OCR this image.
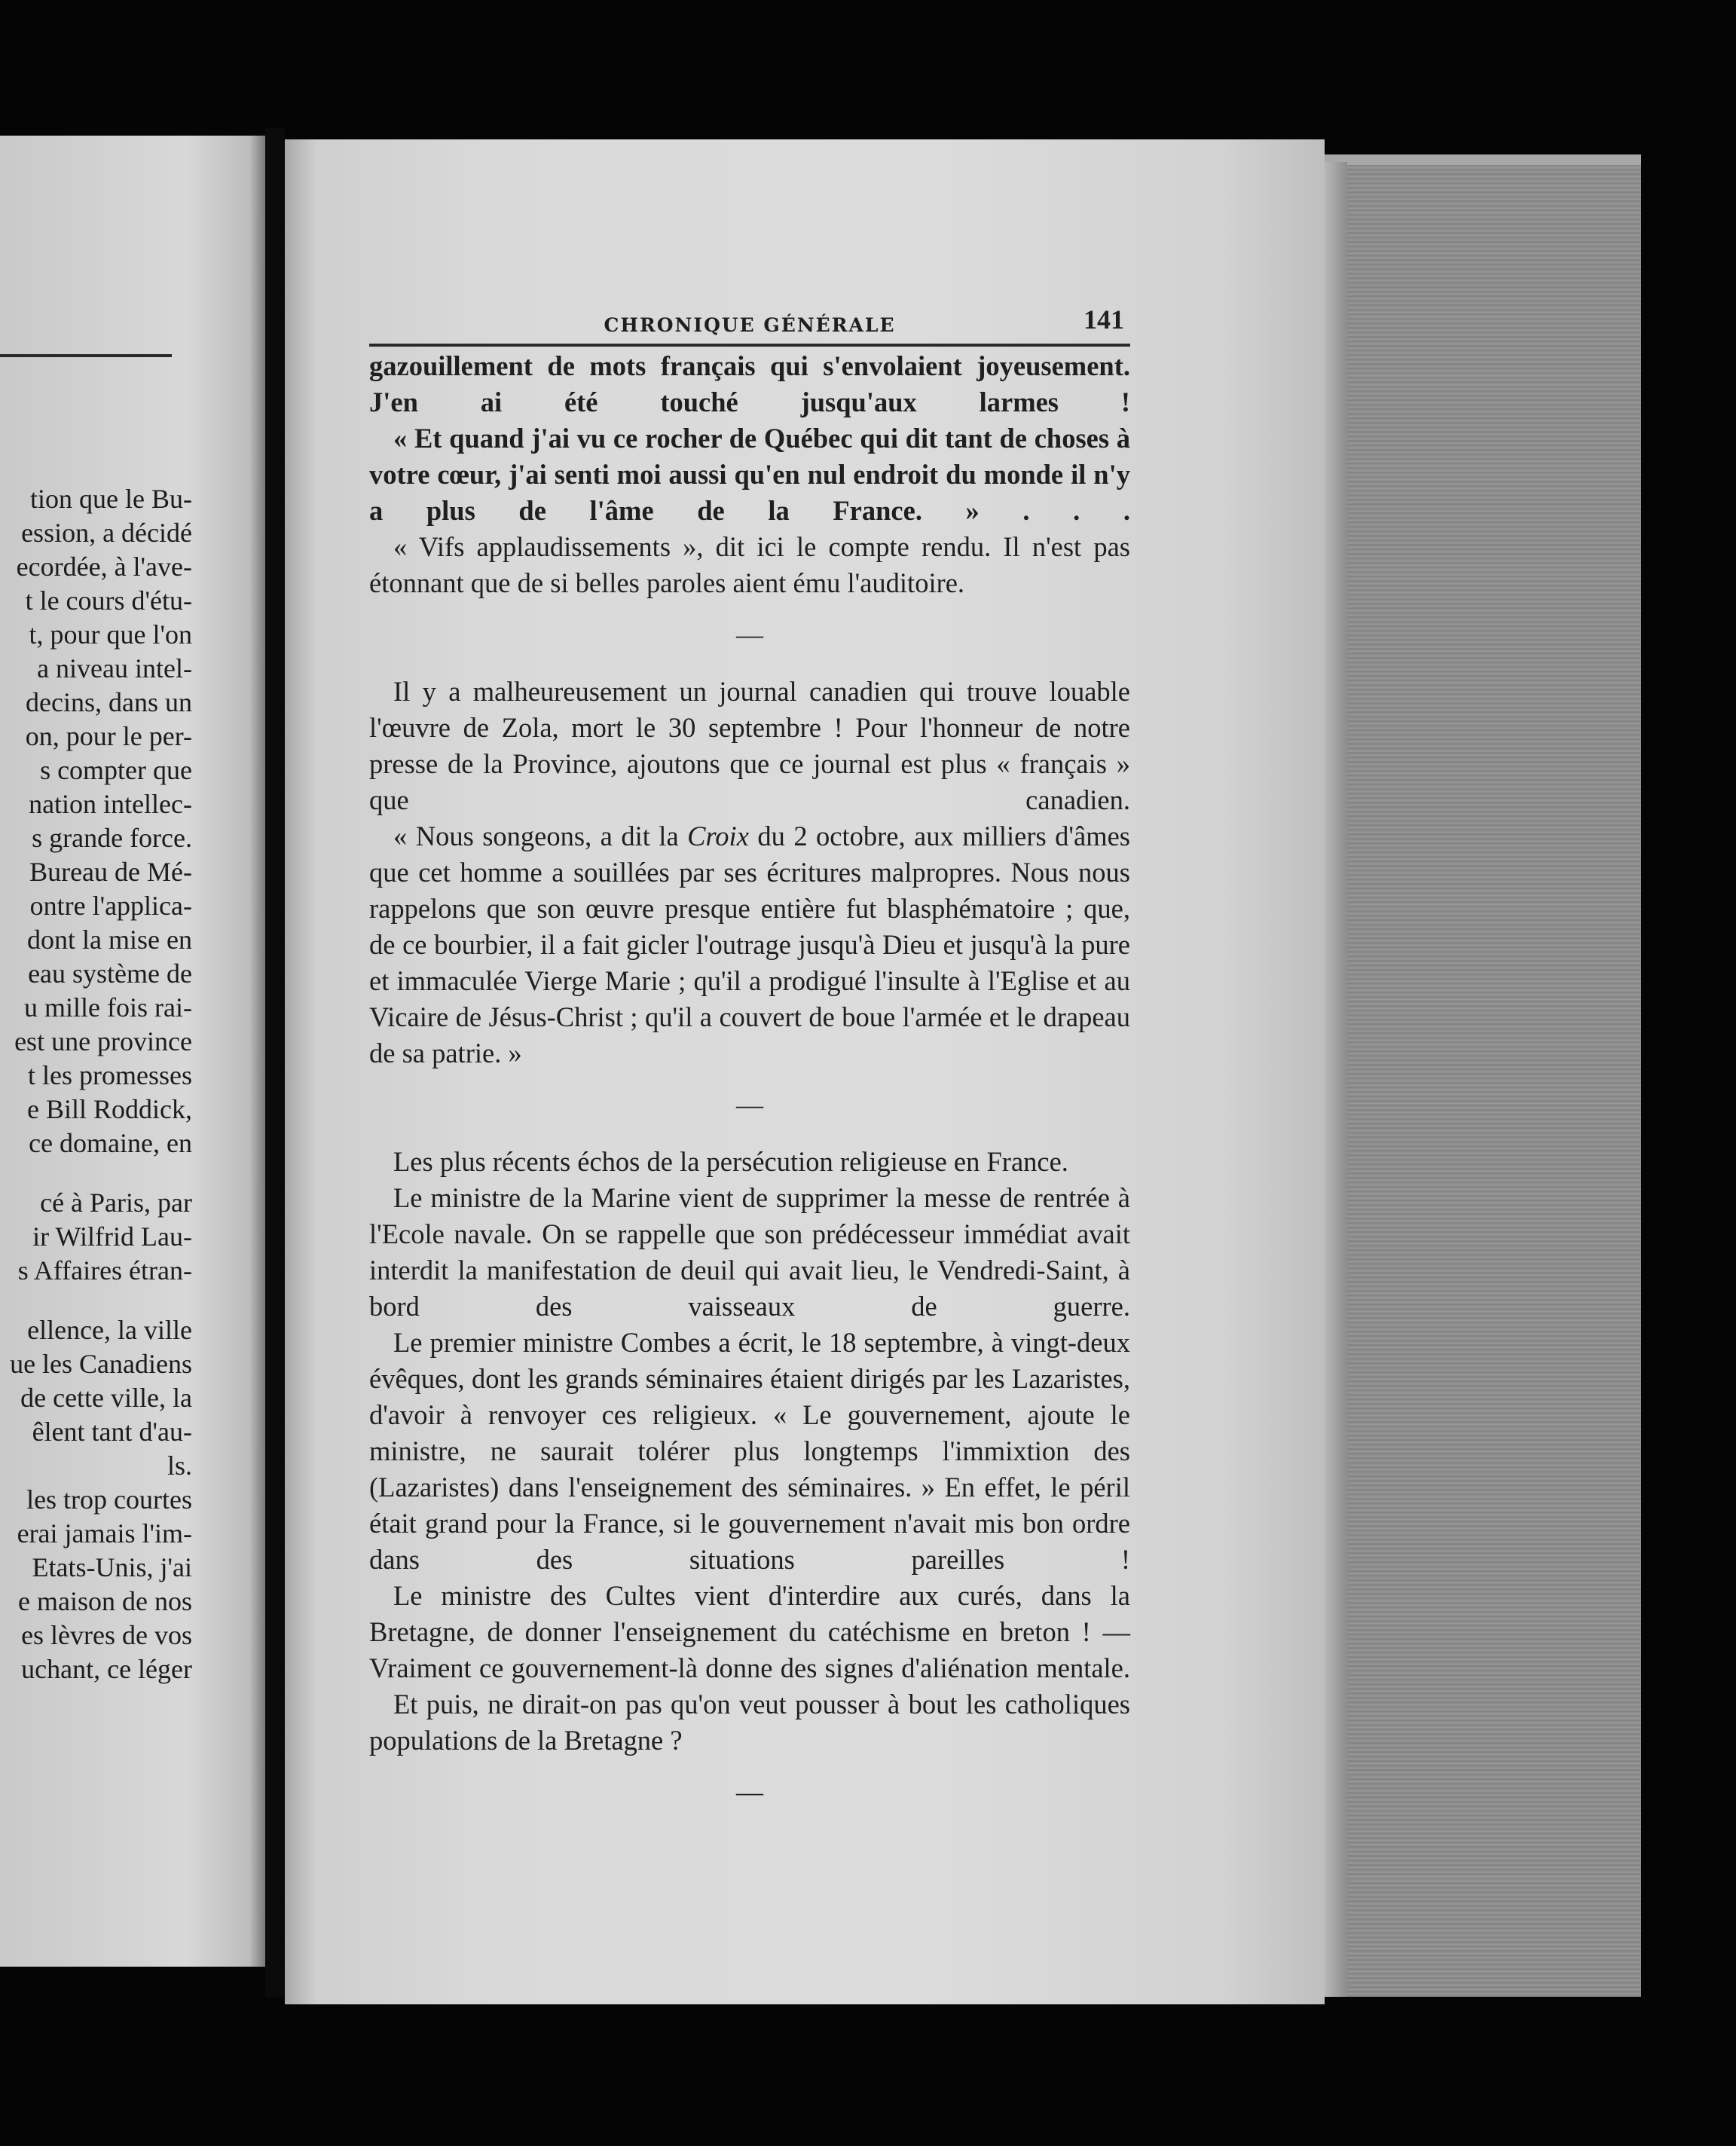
tion que le Bu-
ession, a décidé
ecordée, à l'ave-
t le cours d'étu-
t, pour que l'on
a niveau intel-
decins, dans un
on, pour le per-
s compter que
nation intellec-
s grande force.
Bureau de Mé-
ontre l'applica-
dont la mise en
eau système de
u mille fois rai-
est une province
t les promesses
e Bill Roddick,
ce domaine, en
cé à Paris, par
ir Wilfrid Lau-
s Affaires étran-
ellence, la ville
ue les Canadiens
de cette ville, la
êlent tant d'au-
ls.
les trop courtes
erai jamais l'im-
Etats-Unis, j'ai
e maison de nos
es lèvres de vos
uchant, ce léger
CHRONIQUE GÉNÉRALE	141

gazouillement de mots français qui s'envolaient joyeusement. J'en ai été touché jusqu'aux larmes !

« Et quand j'ai vu ce rocher de Québec qui dit tant de choses à votre cœur, j'ai senti moi aussi qu'en nul endroit du monde il n'y a plus de l'âme de la France. » . . .

« Vifs applaudissements », dit ici le compte rendu. Il n'est pas étonnant que de si belles paroles aient ému l'auditoire.

—

Il y a malheureusement un journal canadien qui trouve louable l'œuvre de Zola, mort le 30 septembre ! Pour l'honneur de notre presse de la Province, ajoutons que ce journal est plus « français » que canadien.

« Nous songeons, a dit la Croix du 2 octobre, aux milliers d'âmes que cet homme a souillées par ses écritures malpropres. Nous nous rappelons que son œuvre presque entière fut blasphématoire ; que, de ce bourbier, il a fait gicler l'outrage jusqu'à Dieu et jusqu'à la pure et immaculée Vierge Marie ; qu'il a prodigué l'insulte à l'Eglise et au Vicaire de Jésus-Christ ; qu'il a couvert de boue l'armée et le drapeau de sa patrie. »

—

Les plus récents échos de la persécution religieuse en France.

Le ministre de la Marine vient de supprimer la messe de rentrée à l'Ecole navale. On se rappelle que son prédécesseur immédiat avait interdit la manifestation de deuil qui avait lieu, le Vendredi-Saint, à bord des vaisseaux de guerre.

Le premier ministre Combes a écrit, le 18 septembre, à vingt-deux évêques, dont les grands séminaires étaient dirigés par les Lazaristes, d'avoir à renvoyer ces religieux. « Le gouvernement, ajoute le ministre, ne saurait tolérer plus longtemps l'immixtion des (Lazaristes) dans l'enseignement des séminaires. » En effet, le péril était grand pour la France, si le gouvernement n'avait mis bon ordre dans des situations pareilles !

Le ministre des Cultes vient d'interdire aux curés, dans la Bretagne, de donner l'enseignement du catéchisme en breton ! — Vraiment ce gouvernement-là donne des signes d'aliénation mentale.

Et puis, ne dirait-on pas qu'on veut pousser à bout les catholiques populations de la Bretagne ?

—
